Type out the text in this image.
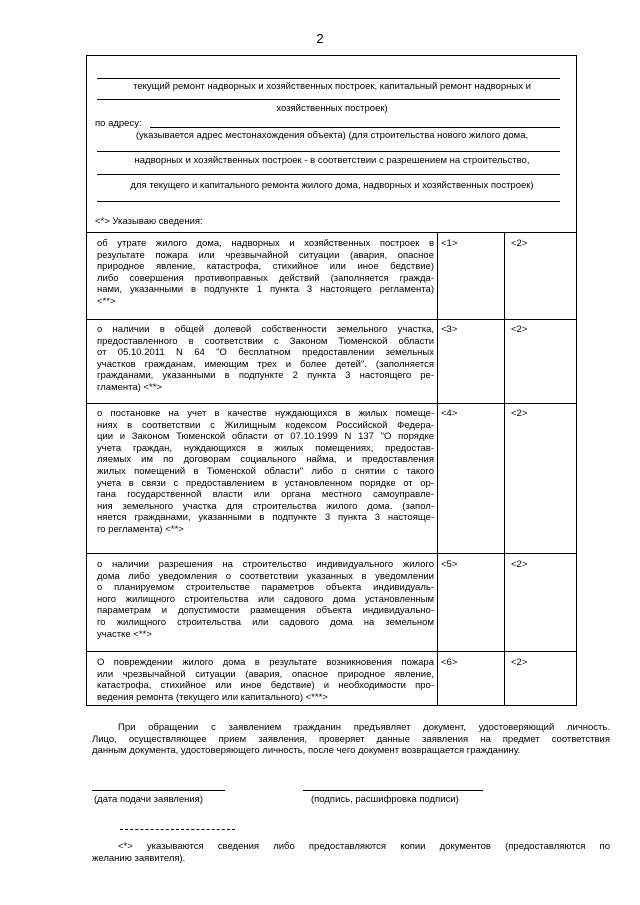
2
текущий ремонт надворных и хозяйственных построек, капитальный ремонт надворных и
хозяйственных построек)
по адресу:
(указывается адрес местонахождения объекта) (для строительства нового жилого дома,
надворных и хозяйственных построек - в соответствии с разрешением на строительство,
для текущего и капитального ремонта жилого дома, надворных и хозяйственных построек)
<*> Указываю сведения:
об утрате жилого дома, надворных и хозяйственных построек в
результате пожара или чрезвычайной ситуации (авария, опасное
природное явление, катастрофа, стихийное или иное бедствие)
либо совершения противоправных действий (заполняется гражда-
нами, указанными в подпункте 1 пункта 3 настоящего регламента)
<**>
<1>	<2>
о наличии в общей долевой собственности земельного участка,
предоставленного в соответствии с Законом Тюменской области
от 05.10.2011 N 64 "О бесплатном предоставлении земельных
участков гражданам, имеющим трех и более детей". (заполняется
гражданами, указанными в подпункте 2 пункта 3 настоящего ре-
гламента) <**>
<3>	<2>
о постановке на учет в качестве нуждающихся в жилых помеще-
ниях в соответствии с Жилищным кодексом Российской Федера-
ции и Законом Тюменской области от 07.10.1999 N 137 "О порядке
учета граждан, нуждающихся в жилых помещениях, предостав-
ляемых им по договорам социального найма, и предоставления
жилых помещений в Тюменской области" либо о снятии с такого
учета в связи с предоставлением в установленном порядке от ор-
гана государственной власти или органа местного самоуправле-
ния земельного участка для строительства жилого дома. (запол-
няется гражданами, указанными в подпункте 3 пункта 3 настояще-
го регламента) <**>
<4>	<2>
о наличии разрешения на строительство индивидуального жилого
дома либо уведомления о соответствии указанных в уведомлении
о планируемом строительстве параметров объекта индивидуаль-
ного жилищного строительства или садового дома установленным
параметрам и допустимости размещения объекта индивидуально-
го жилищного строительства или садового дома на земельном
участке <**>
<5>	<2>
О повреждении жилого дома в результате возникновения пожара
или чрезвычайной ситуации (авария, опасное природное явление,
катастрофа, стихийное или иное бедствие) и необходимости про-
ведения ремонта (текущего или капитального) <***>
<6>	<2>
При обращении с заявлением гражданин предъявляет документ, удостоверяющий личность.
Лицо, осуществляющее прием заявления, проверяет данные заявления на предмет соответствия
данным документа, удостоверяющего личность, после чего документ возвращается гражданину.
(дата подачи заявления)	(подпись, расшифровка подписи)
<*> указываются сведения либо предоставляются копии документов (предоставляются по
желанию заявителя).
